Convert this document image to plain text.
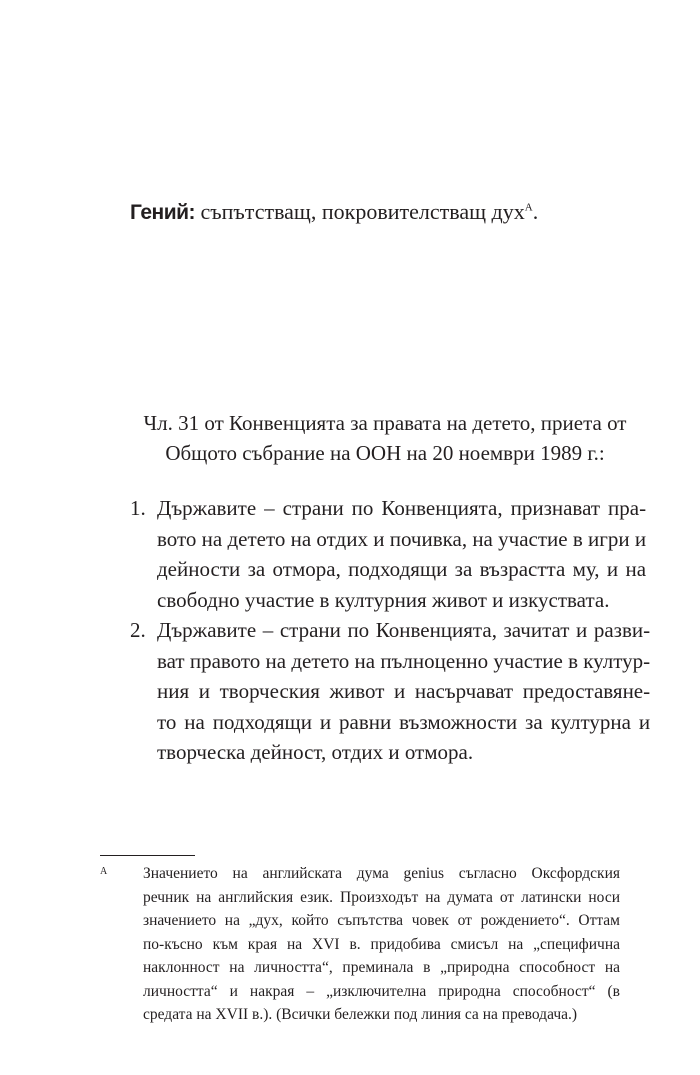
Гений: съпътстващ, покровителстващ дух$^A$.
Чл. 31 от Конвенцията за правата на детето, приета от
Общото събрание на ООН на 20 ноември 1989 г.:
1. Държавите – страни по Конвенцията, признават пра-
вото на детето на отдих и почивка, на участие в игри и
дейности за отмора, подходящи за възрастта му, и на
свободно участие в културния живот и изкуствата.
2. Държавите – страни по Конвенцията, зачитат и разви-
ват правото на детето на пълноценно участие в култур-
ния и творческия живот и насърчават предоставяне-
то на подходящи и равни възможности за културна и
творческа дейност, отдих и отмора.
A Значението на английската дума genius съгласно Оксфордския
речник на английския език. Произходът на думата от латински носи
значението на „дух, който съпътства човек от рождението“. Оттам
по-късно към края на XVI в. придобива смисъл на „специфична
наклонност на личността“, преминала в „природна способност на
личността“ и накрая – „изключителна природна способност“ (в
средата на XVII в.). (Всички бележки под линия са на преводача.)
